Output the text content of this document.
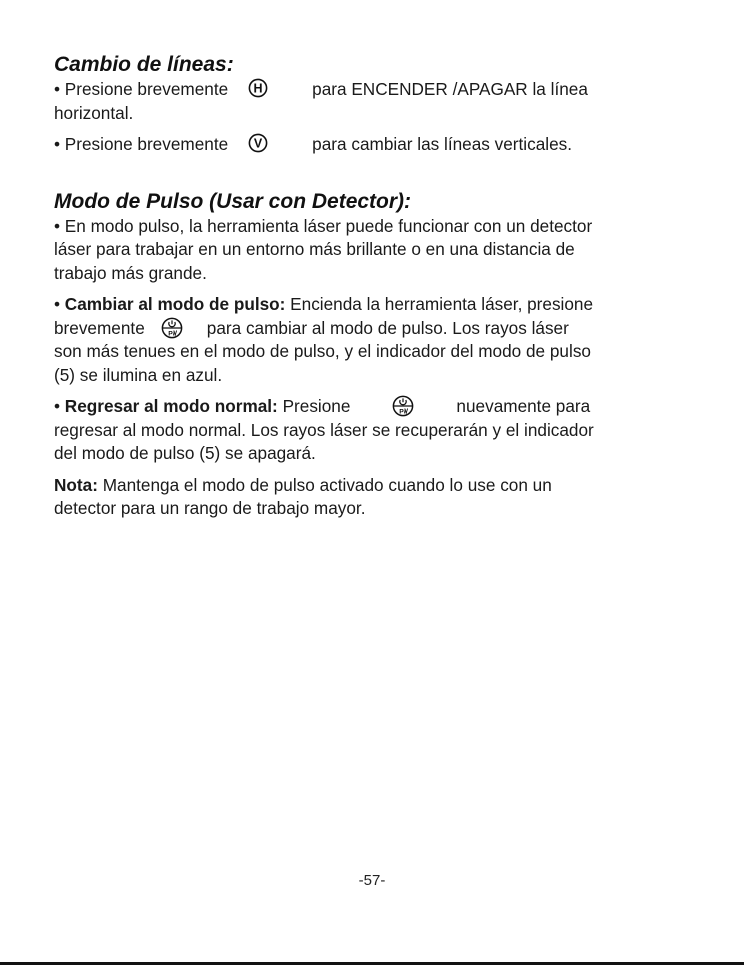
Cambio de líneas:

• Presione brevemente H	para ENCENDER /APAGAR la línea
horizontal.

• Presione brevemente V	para cambiar las líneas verticales.

Modo de Pulso (Usar con Detector):

• En modo pulso, la herramienta láser puede funcionar con un detector
láser para trabajar en un entorno más brillante o en una distancia de
trabajo más grande.

• Cambiar al modo de pulso: Encienda la herramienta láser, presione
brevemente	P/ para cambiar al modo de pulso. Los rayos láser
son más tenues en el modo de pulso, y el indicador del modo de pulso
(5) se ilumina en azul.

• Regresar al modo normal: Presione	P/	nuevamente para
regresar al modo normal. Los rayos láser se recuperarán y el indicador
del modo de pulso (5) se apagará.

Nota: Mantenga el modo de pulso activado cuando lo use con un
detector para un rango de trabajo mayor.

-57-
